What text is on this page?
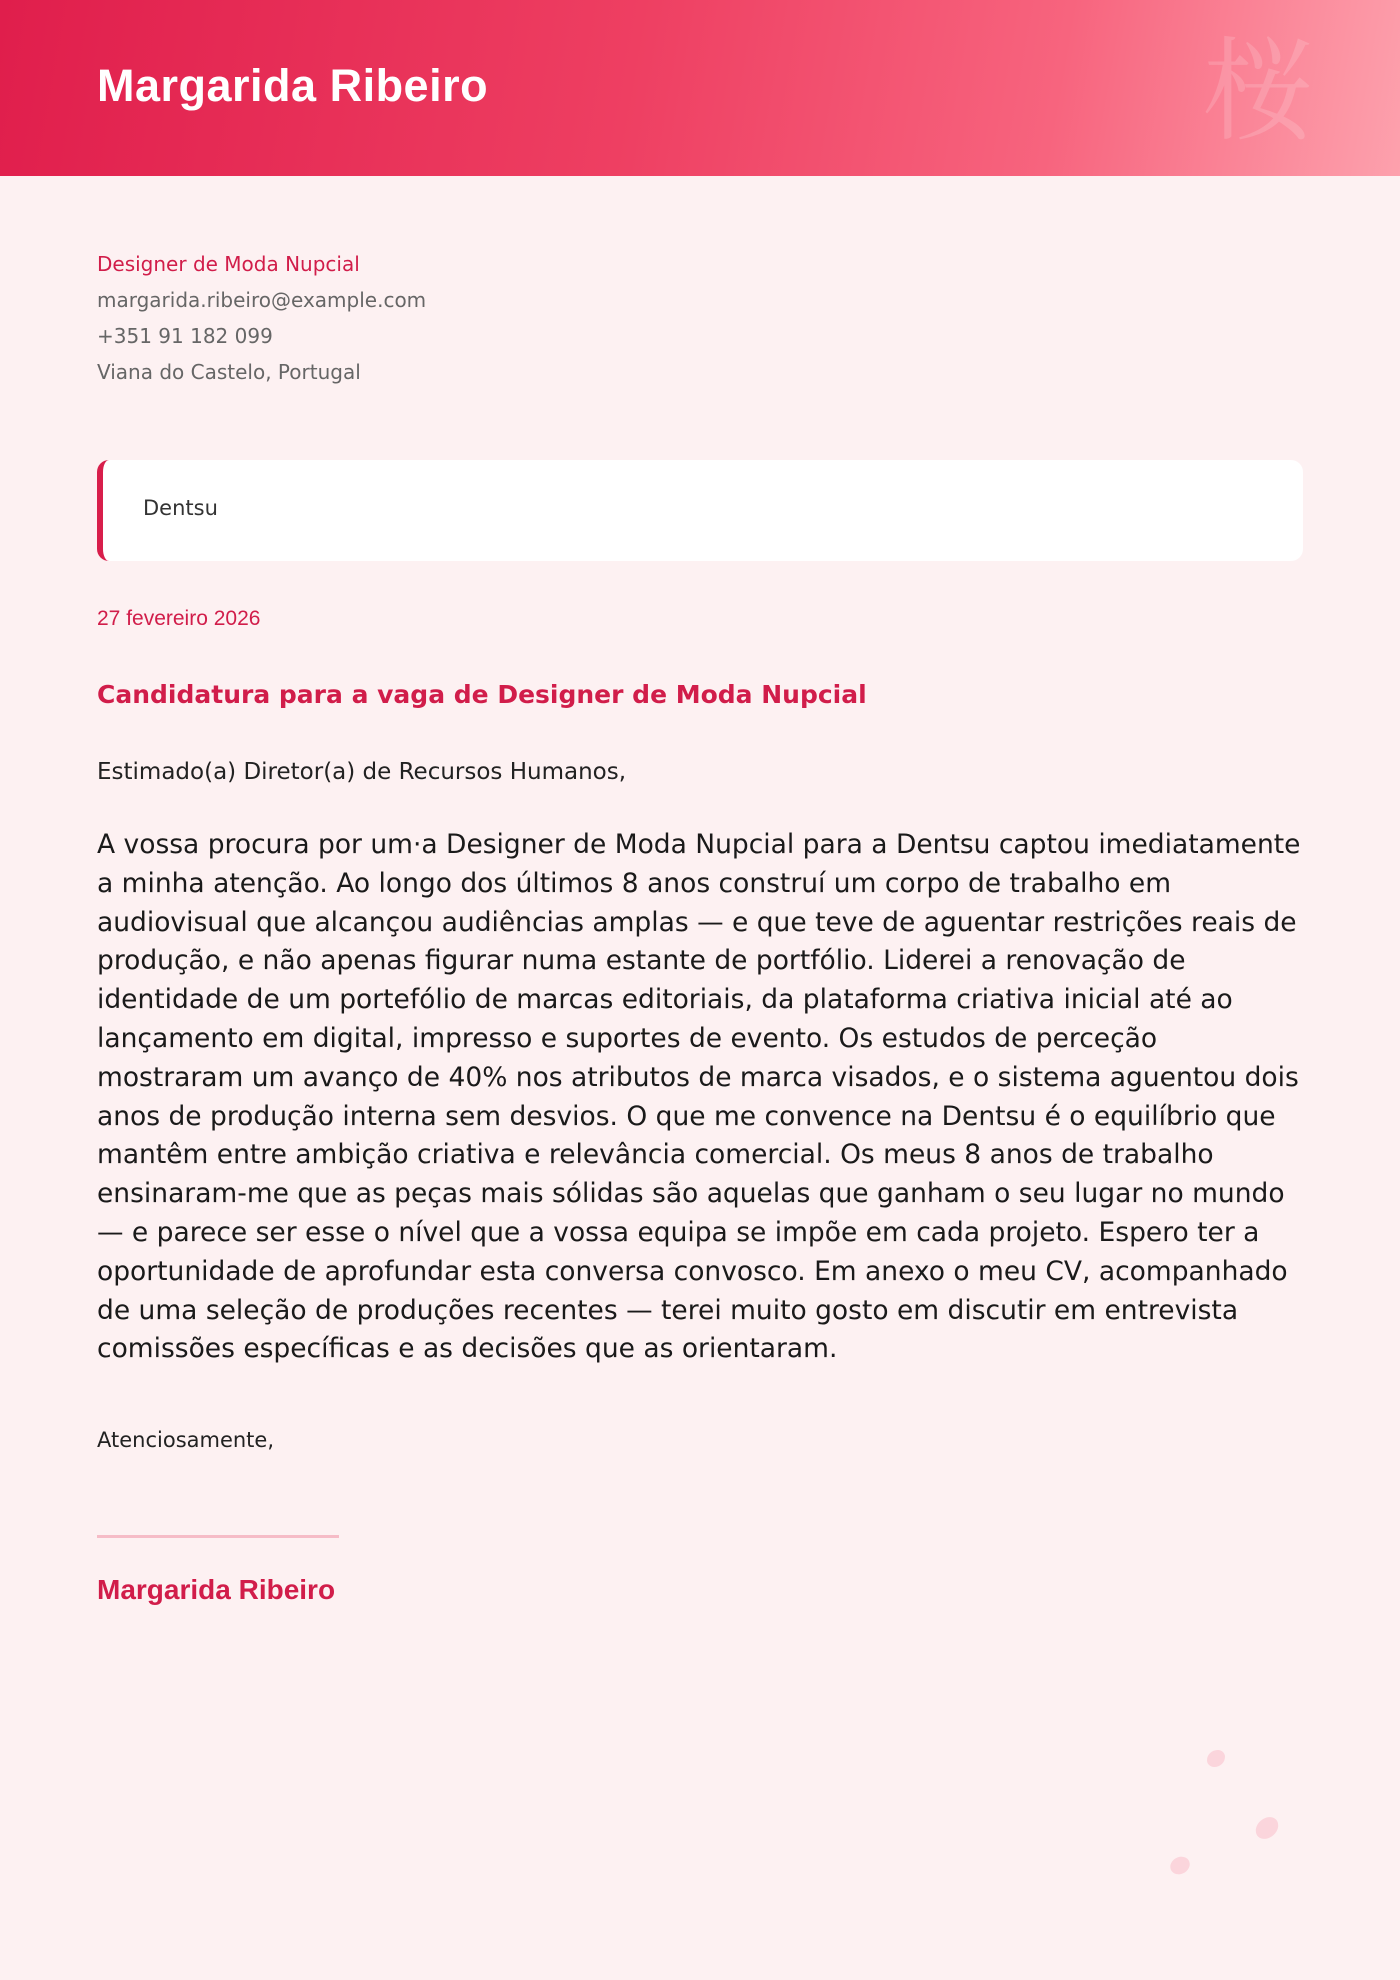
Margarida Ribeiro	桜
Designer de Moda Nupcial
margarida.ribeiro@example.com
+351 91 182 099
Viana do Castelo, Portugal
Dentsu
27 fevereiro 2026
Candidatura para a vaga de Designer de Moda Nupcial
Estimado(a) Diretor(a) de Recursos Humanos,

A vossa procura por um·a Designer de Moda Nupcial para a Dentsu captou imediatamente a minha atenção. Ao longo dos últimos 8 anos construí um corpo de trabalho em audiovisual que alcançou audiências amplas — e que teve de aguentar restrições reais de produção, e não apenas figurar numa estante de portfólio. Liderei a renovação de identidade de um portefólio de marcas editoriais, da plataforma criativa inicial até ao lançamento em digital, impresso e suportes de evento. Os estudos de perceção mostraram um avanço de 40% nos atributos de marca visados, e o sistema aguentou dois anos de produção interna sem desvios. O que me convence na Dentsu é o equilíbrio que mantêm entre ambição criativa e relevância comercial. Os meus 8 anos de trabalho ensinaram-me que as peças mais sólidas são aquelas que ganham o seu lugar no mundo — e parece ser esse o nível que a vossa equipa se impõe em cada projeto. Espero ter a oportunidade de aprofundar esta conversa convosco. Em anexo o meu CV, acompanhado de uma seleção de produções recentes — terei muito gosto em discutir em entrevista comissões específicas e as decisões que as orientaram.

Atenciosamente,
Margarida Ribeiro
